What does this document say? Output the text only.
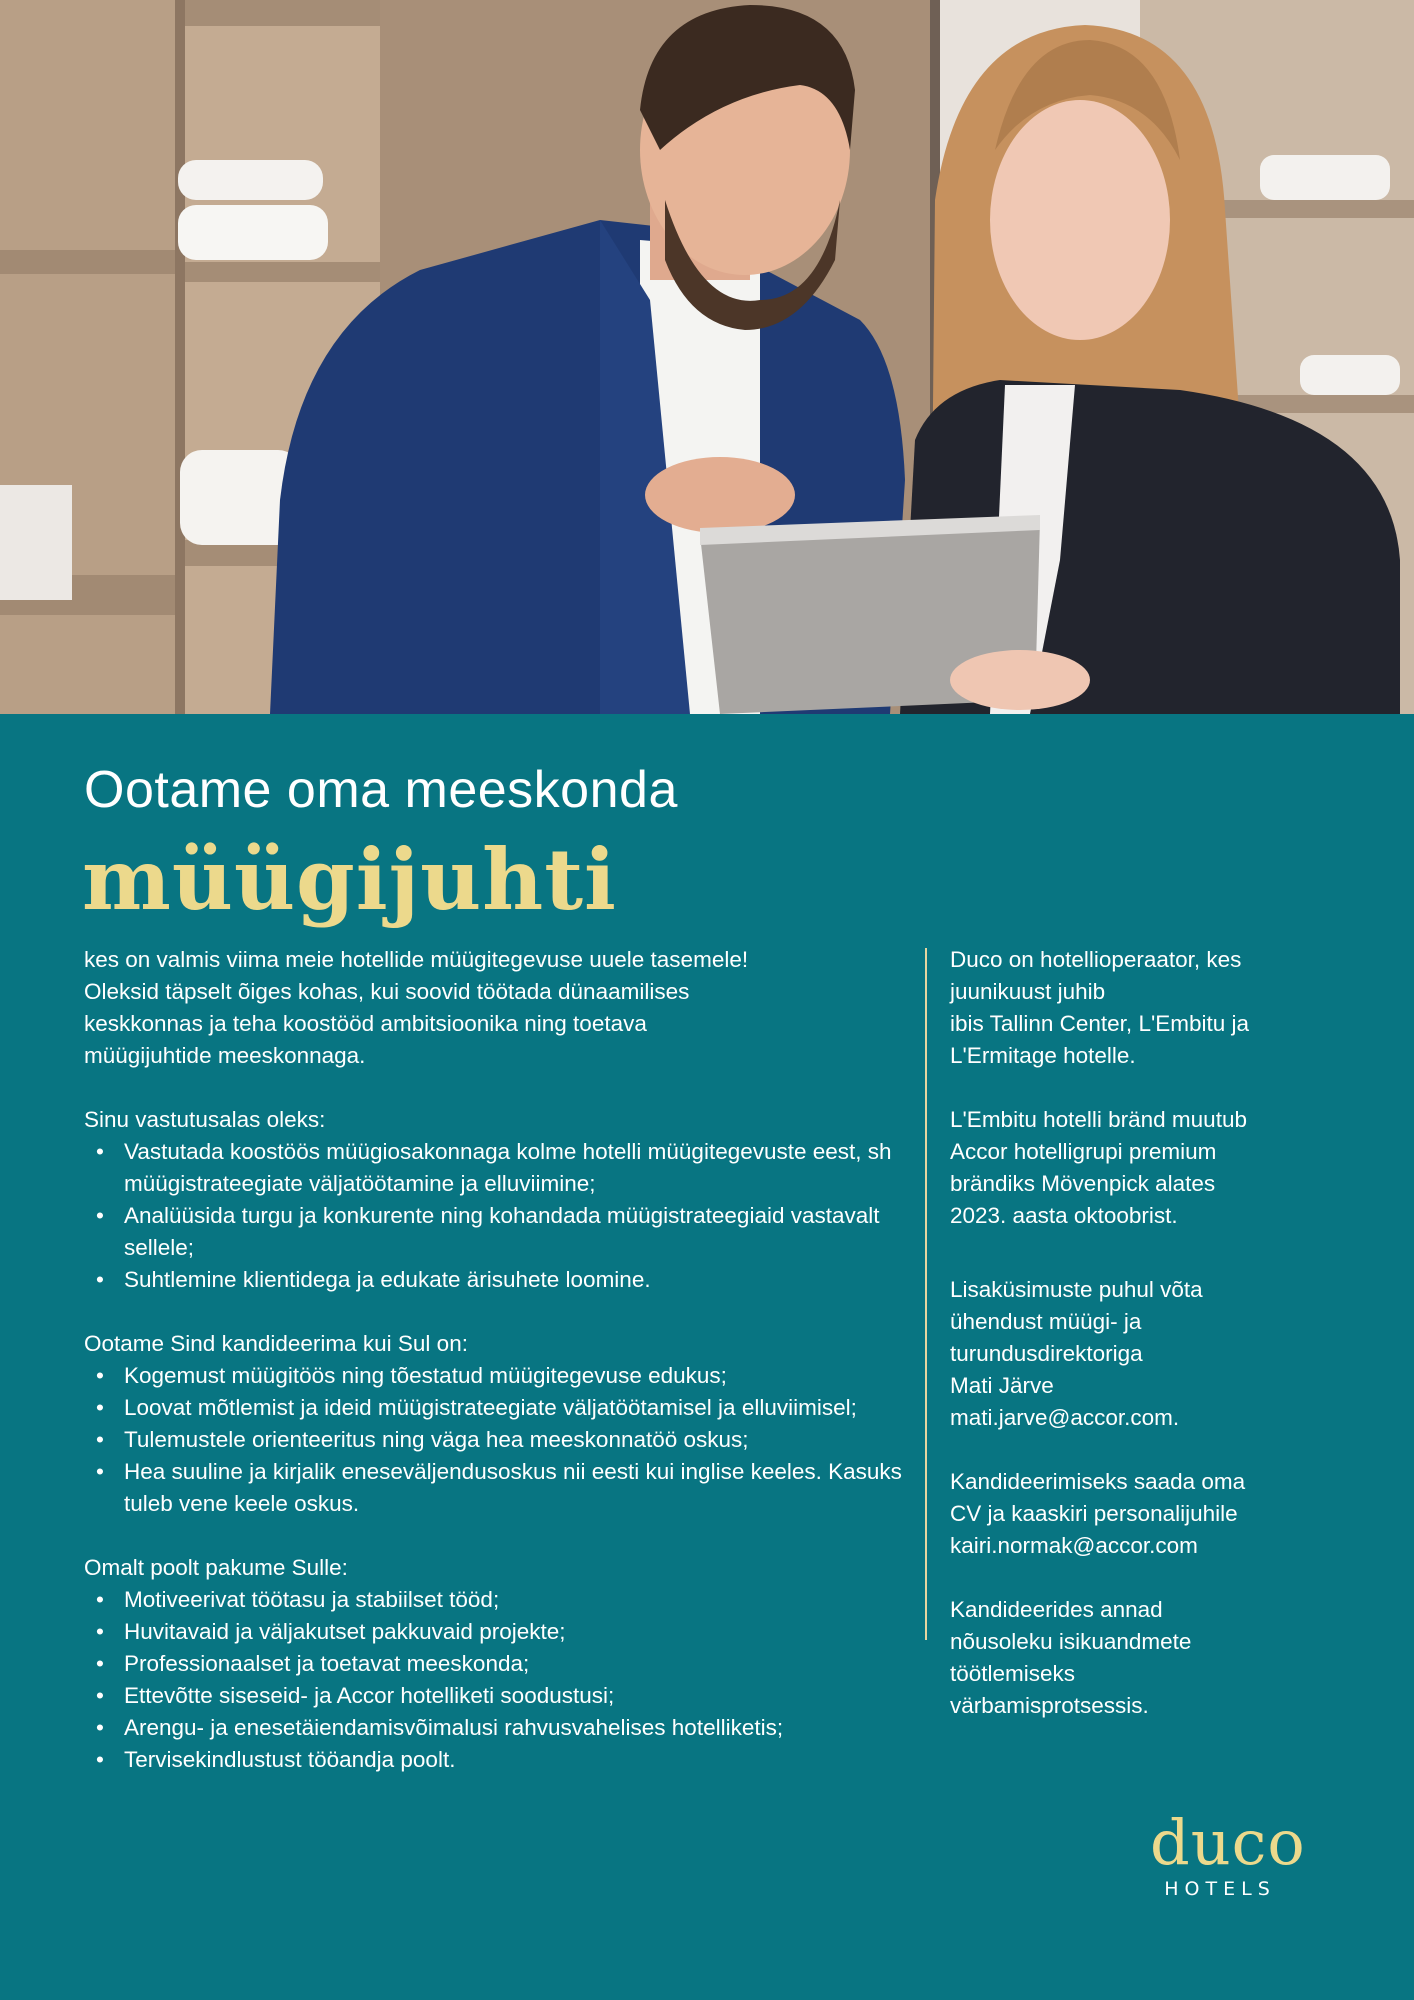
Ootame oma meeskonda
müügijuhti

kes on valmis viima meie hotellide müügitegevuse uuele tasemele!

Oleksid täpselt õiges kohas, kui soovid töötada dünaamilises

keskkonnas ja teha koostööd ambitsioonika ning toetava

müügijuhtide meeskonnaga.

Sinu vastutusalas oleks:

• Vastutada koostöös müügiosakonnaga kolme hotelli müügitegevuste eest, sh müügistrateegiate väljatöötamine ja elluviimine;
• Analüüsida turgu ja konkurente ning kohandada müügistrateegiaid vastavalt sellele;
• Suhtlemine klientidega ja edukate ärisuhete loomine.

Ootame Sind kandideerima kui Sul on:

• Kogemust müügitöös ning tõestatud müügitegevuse edukus;
• Loovat mõtlemist ja ideid müügistrateegiate väljatöötamisel ja elluviimisel;
• Tulemustele orienteeritus ning väga hea meeskonnatöö oskus;
• Hea suuline ja kirjalik eneseväljendusoskus nii eesti kui inglise keeles. Kasuks tuleb vene keele oskus.

Omalt poolt pakume Sulle:

• Motiveerivat töötasu ja stabiilset tööd;
• Huvitavaid ja väljakutset pakkuvaid projekte;
• Professionaalset ja toetavat meeskonda;
• Ettevõtte siseseid- ja Accor hotelliketi soodustusi;
• Arengu- ja enesetäiendamisvõimalusi rahvusvahelises hotelliketis;
• Tervisekindlustust tööandja poolt.

Duco on hotellioperaator, kes

juunikuust juhib

ibis Tallinn Center, L'Embitu ja

L'Ermitage hotelle.

L'Embitu hotelli bränd muutub

Accor hotelligrupi premium

brändiks Mövenpick alates

2023. aasta oktoobrist.

Lisaküsimuste puhul võta

ühendust müügi- ja

turundusdirektoriga

Mati Järve

mati.jarve@accor.com.

Kandideerimiseks saada oma

CV ja kaaskiri personalijuhile

kairi.normak@accor.com

Kandideerides annad

nõusoleku isikuandmete

töötlemiseks

värbamisprotsessis.

duco
HOTELS
